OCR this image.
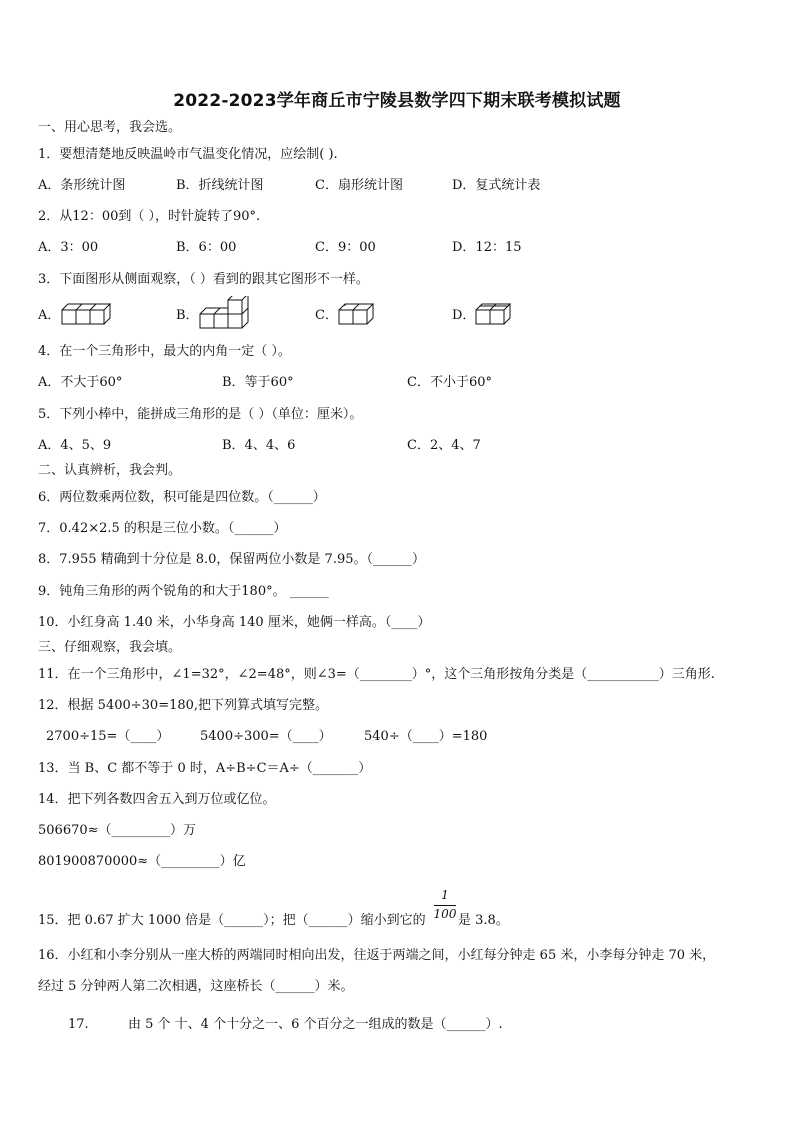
2022-2023学年商丘市宁陵县数学四下期末联考模拟试题
一、用心思考，我会选。
1．要想清楚地反映温岭市气温变化情况，应绘制( ).
A．条形统计图	B．折线统计图	C．扇形统计图	D．复式统计表
2．从12：00到（ ），时针旋转了90°.
A．3：00	B．6：00	C．9：00	D．12：15
3．下面图形从侧面观察，（ ）看到的跟其它图形不一样。
A．	B．	C．	D．
4．在一个三角形中，最大的内角一定（ ）。
A．不大于60°	B．等于60°	C．不小于60°
5．下列小棒中，能拼成三角形的是（ ）（单位：厘米）。
A．4、5、9	B．4、4、6	C．2、4、7
二、认真辨析，我会判。
6．两位数乘两位数，积可能是四位数。（______）
7．0.42×2.5 的积是三位小数。（______）
8．7.955 精确到十分位是 8.0，保留两位小数是 7.95。（______）
9．钝角三角形的两个锐角的和大于180°。 ______
10．小红身高 1.40 米，小华身高 140 厘米，她俩一样高。（____）
三、仔细观察，我会填。
11．在一个三角形中，∠1=32°，∠2=48°，则∠3=（________）°，这个三角形按角分类是（___________）三角形.
12．根据 5400÷30=180,把下列算式填写完整。
2700÷15=（____） 5400÷300=（____） 540÷（____）=180
13．当 B、C 都不等于 0 时，A÷B÷C＝A÷（_______）
14．把下列各数四舍五入到万位或亿位。
506670≈（_________）万
801900870000≈（_________）亿
15．把 0.67 扩大 1000 倍是（______）；把（______）缩小到它的
1
100 是 3.8。
16．小红和小李分别从一座大桥的两端同时相向出发，往返于两端之间，小红每分钟走 65 米，小李每分钟走 70 米，
经过 5 分钟两人第二次相遇，这座桥长（______）米。
17.	由 5 个 十、4 个十分之一、6 个百分之一组成的数是（______）.
